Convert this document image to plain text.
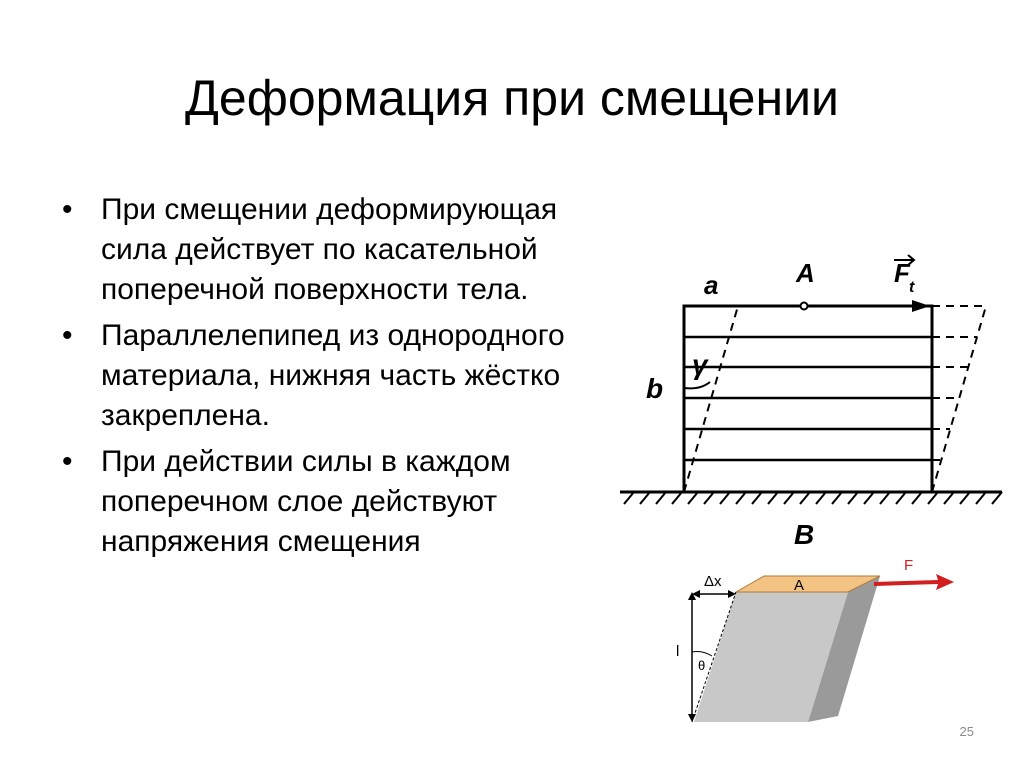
Деформация при смещении
• При смещении деформирующая сила действует по касательной поперечной поверхности тела.
• Параллелепипед из однородного материала, нижняя часть жёстко закреплена.
• При действии силы в каждом поперечном слое действуют напряжения смещения
a	A	F t
γ
b
B
Δx	A
F
l
θ
25
